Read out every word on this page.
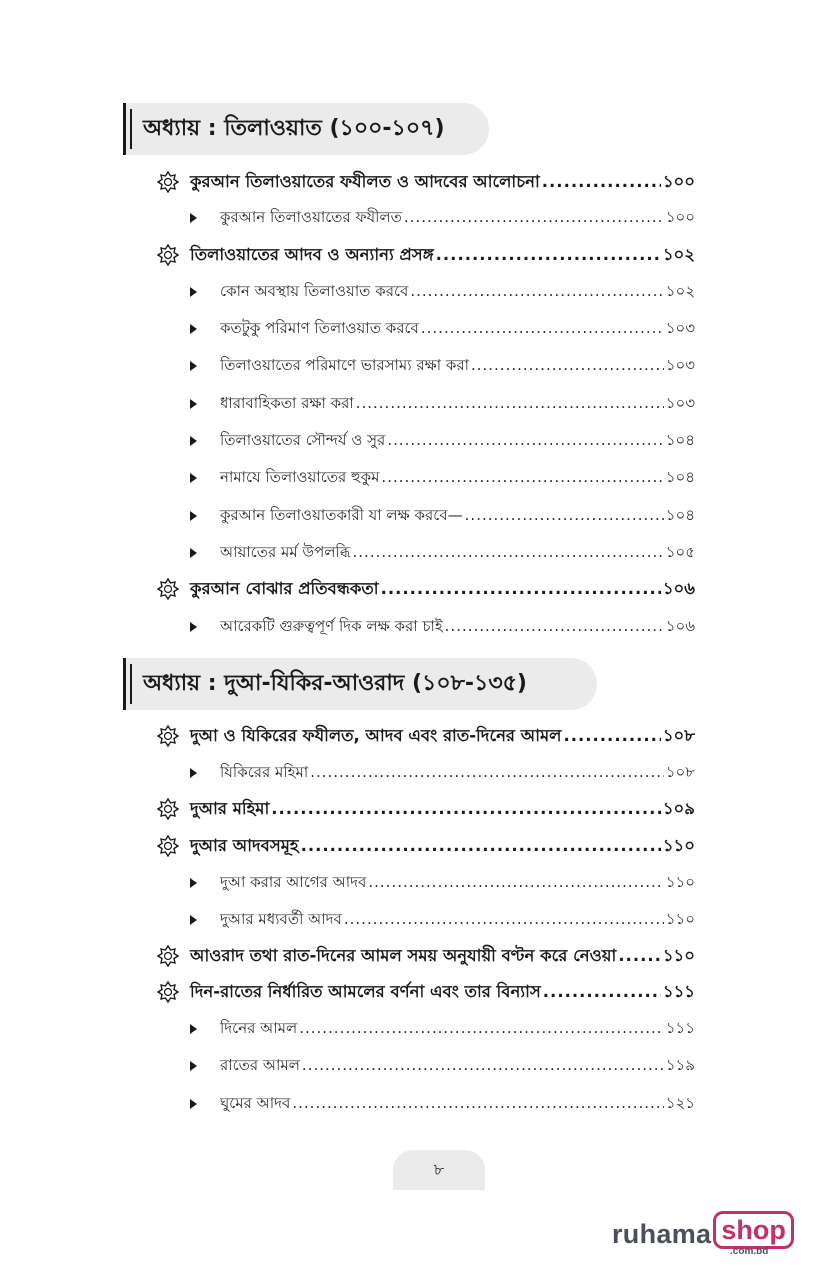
অধ্যায় : তিলাওয়াত (১০০-১০৭)
কুরআন তিলাওয়াতের ফযীলত ও আদবের আলোচনা .....	১০০
কুরআন তিলাওয়াতের ফযীলত .....	১০০
তিলাওয়াতের আদব ও অন্যান্য প্রসঙ্গ .....	১০২
কোন অবস্থায় তিলাওয়াত করবে .....	১০২
কতটুকু পরিমাণ তিলাওয়াত করবে .....	১০৩
তিলাওয়াতের পরিমাণে ভারসাম্য রক্ষা করা .....	১০৩
ধারাবাহিকতা রক্ষা করা .....	১০৩
তিলাওয়াতের সৌন্দর্য ও সুর .....	১০৪
নামাযে তিলাওয়াতের হুকুম .....	১০৪
কুরআন তিলাওয়াতকারী যা লক্ষ করবে— .....	১০৪
আয়াতের মর্ম উপলব্ধি .....	১০৫
কুরআন বোঝার প্রতিবন্ধকতা .....	১০৬
আরেকটি গুরুত্বপূর্ণ দিক লক্ষ করা চাই .....	১০৬
অধ্যায় : দুআ-যিকির-আওরাদ (১০৮-১৩৫)
দুআ ও যিকিরের ফযীলত, আদব এবং রাত-দিনের আমল .....	১০৮
যিকিরের মহিমা .....	১০৮
দুআর মহিমা .....	১০৯
দুআর আদবসমূহ .....	১১০
দুআ করার আগের আদব .....	১১০
দুআর মধ্যবর্তী আদব .....	১১০
আওরাদ তথা রাত-দিনের আমল সময় অনুযায়ী বণ্টন করে নেওয়া .....	১১০
দিন-রাতের নির্ধারিত আমলের বর্ণনা এবং তার বিন্যাস .....	১১১
দিনের আমল .....	১১১
রাতের আমল .....	১১৯
ঘুমের আদব .....	১২১
৮
ruhama shop
.com.bd
